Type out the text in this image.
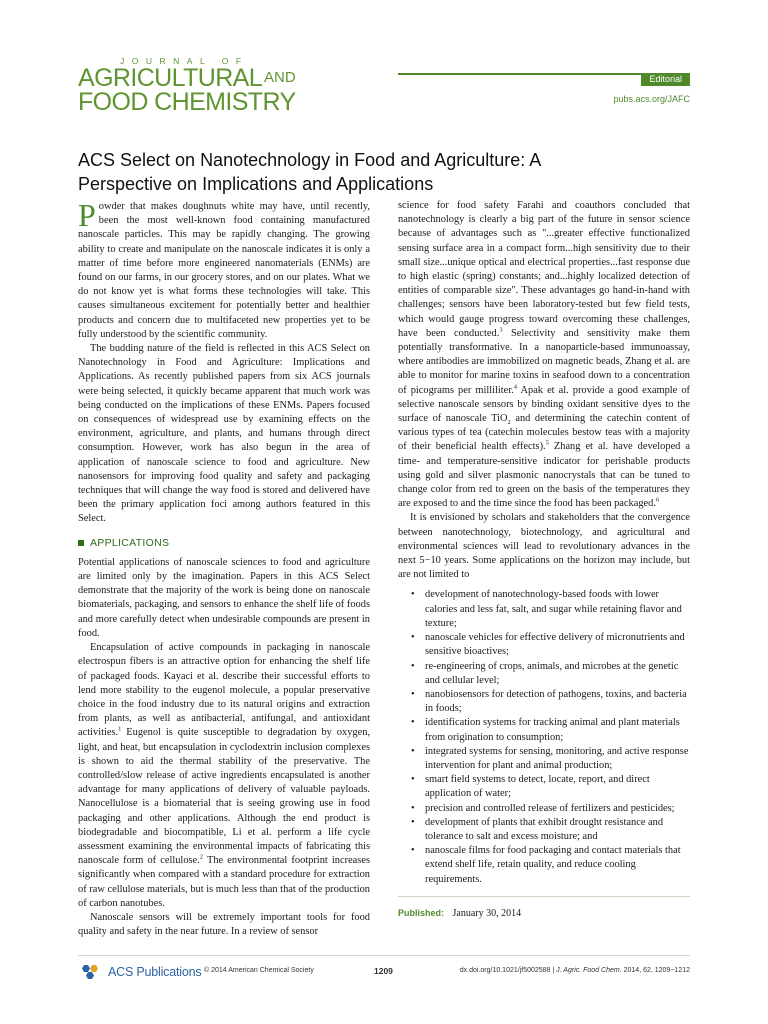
JOURNAL OF
AGRICULTURAL AND
FOOD CHEMISTRY
Editorial
pubs.acs.org/JAFC
ACS Select on Nanotechnology in Food and Agriculture: A Perspective on Implications and Applications

Powder that makes doughnuts white may have, until recently, been the most well-known food containing manufactured nanoscale particles. This may be rapidly changing. The growing ability to create and manipulate on the nanoscale indicates it is only a matter of time before more engineered nanomaterials (ENMs) are found on our farms, in our grocery stores, and on our plates. What we do not know yet is what forms these technologies will take. This causes simultaneous excitement for potentially better and healthier products and concern due to multifaceted new properties yet to be fully understood by the scientific community.

The budding nature of the field is reflected in this ACS Select on Nanotechnology in Food and Agriculture: Implications and Applications. As recently published papers from six ACS journals were being selected, it quickly became apparent that much work was being conducted on the implications of these ENMs. Papers focused on consequences of widespread use by examining effects on the environment, agriculture, and plants, and humans through direct consumption. However, work has also begun in the area of application of nanoscale science to food and agriculture. New nanosensors for improving food quality and safety and packaging techniques that will change the way food is stored and delivered have been the primary application foci among authors featured in this Select.

APPLICATIONS

Potential applications of nanoscale sciences to food and agriculture are limited only by the imagination. Papers in this ACS Select demonstrate that the majority of the work is being done on nanoscale biomaterials, packaging, and sensors to enhance the shelf life of foods and more carefully detect when undesirable compounds are present in food.

Encapsulation of active compounds in packaging in nanoscale electrospun fibers is an attractive option for enhancing the shelf life of packaged foods. Kayaci et al. describe their successful efforts to lend more stability to the eugenol molecule, a popular preservative choice in the food industry due to its natural origins and extraction from plants, as well as antibacterial, antifungal, and antioxidant activities.$^1$ Eugenol is quite susceptible to degradation by oxygen, light, and heat, but encapsulation in cyclodextrin inclusion complexes is shown to aid the thermal stability of the preservative. The controlled/slow release of active ingredients encapsulated is another advantage for many applications of delivery of valuable payloads. Nanocellulose is a biomaterial that is seeing growing use in food packaging and other applications. Although the end product is biodegradable and biocompatible, Li et al. perform a life cycle assessment examining the environmental impacts of fabricating this nanoscale form of cellulose.$^2$ The environmental footprint increases significantly when compared with a standard procedure for extraction of raw cellulose materials, but is much less than that of the production of carbon nanotubes.

Nanoscale sensors will be extremely important tools for food quality and safety in the near future. In a review of sensor

science for food safety Farahi and coauthors concluded that nanotechnology is clearly a big part of the future in sensor science because of advantages such as "...greater effective functionalized sensing surface area in a compact form...high sensitivity due to their small size...unique optical and electrical properties...fast response due to high elastic (spring) constants; and...highly localized detection of entities of comparable size". These advantages go hand-in-hand with challenges; sensors have been laboratory-tested but few field tests, which would gauge progress toward overcoming these challenges, have been conducted.$^3$ Selectivity and sensitivity make them potentially transformative. In a nanoparticle-based immunoassay, where antibodies are immobilized on magnetic beads, Zhang et al. are able to monitor for marine toxins in seafood down to a concentration of picograms per milliliter.$^4$ Apak et al. provide a good example of selective nanoscale sensors by binding oxidant sensitive dyes to the surface of nanoscale TiO$_2$ and determining the catechin content of various types of tea (catechin molecules bestow teas with a majority of their beneficial health effects).$^5$ Zhang et al. have developed a time- and temperature-sensitive indicator for perishable products using gold and silver plasmonic nanocrystals that can be tuned to change color from red to green on the basis of the temperatures they are exposed to and the time since the food has been packaged.$^6$

It is envisioned by scholars and stakeholders that the convergence between nanotechnology, biotechnology, and agricultural and environmental sciences will lead to revolutionary advances in the next 5−10 years. Some applications on the horizon may include, but are not limited to

• development of nanotechnology-based foods with lower calories and less fat, salt, and sugar while retaining flavor and texture;
• nanoscale vehicles for effective delivery of micronutrients and sensitive bioactives;
• re-engineering of crops, animals, and microbes at the genetic and cellular level;
• nanobiosensors for detection of pathogens, toxins, and bacteria in foods;
• identification systems for tracking animal and plant materials from origination to consumption;
• integrated systems for sensing, monitoring, and active response intervention for plant and animal production;
• smart field systems to detect, locate, report, and direct application of water;
• precision and controlled release of fertilizers and pesticides;
• development of plants that exhibit drought resistance and tolerance to salt and excess moisture; and
• nanoscale films for food packaging and contact materials that extend shelf life, retain quality, and reduce cooling requirements.
Published: January 30, 2014
ACS Publications © 2014 American Chemical Society	1209	dx.doi.org/10.1021/jf5002588 | J. Agric. Food Chem. 2014, 62, 1209−1212
